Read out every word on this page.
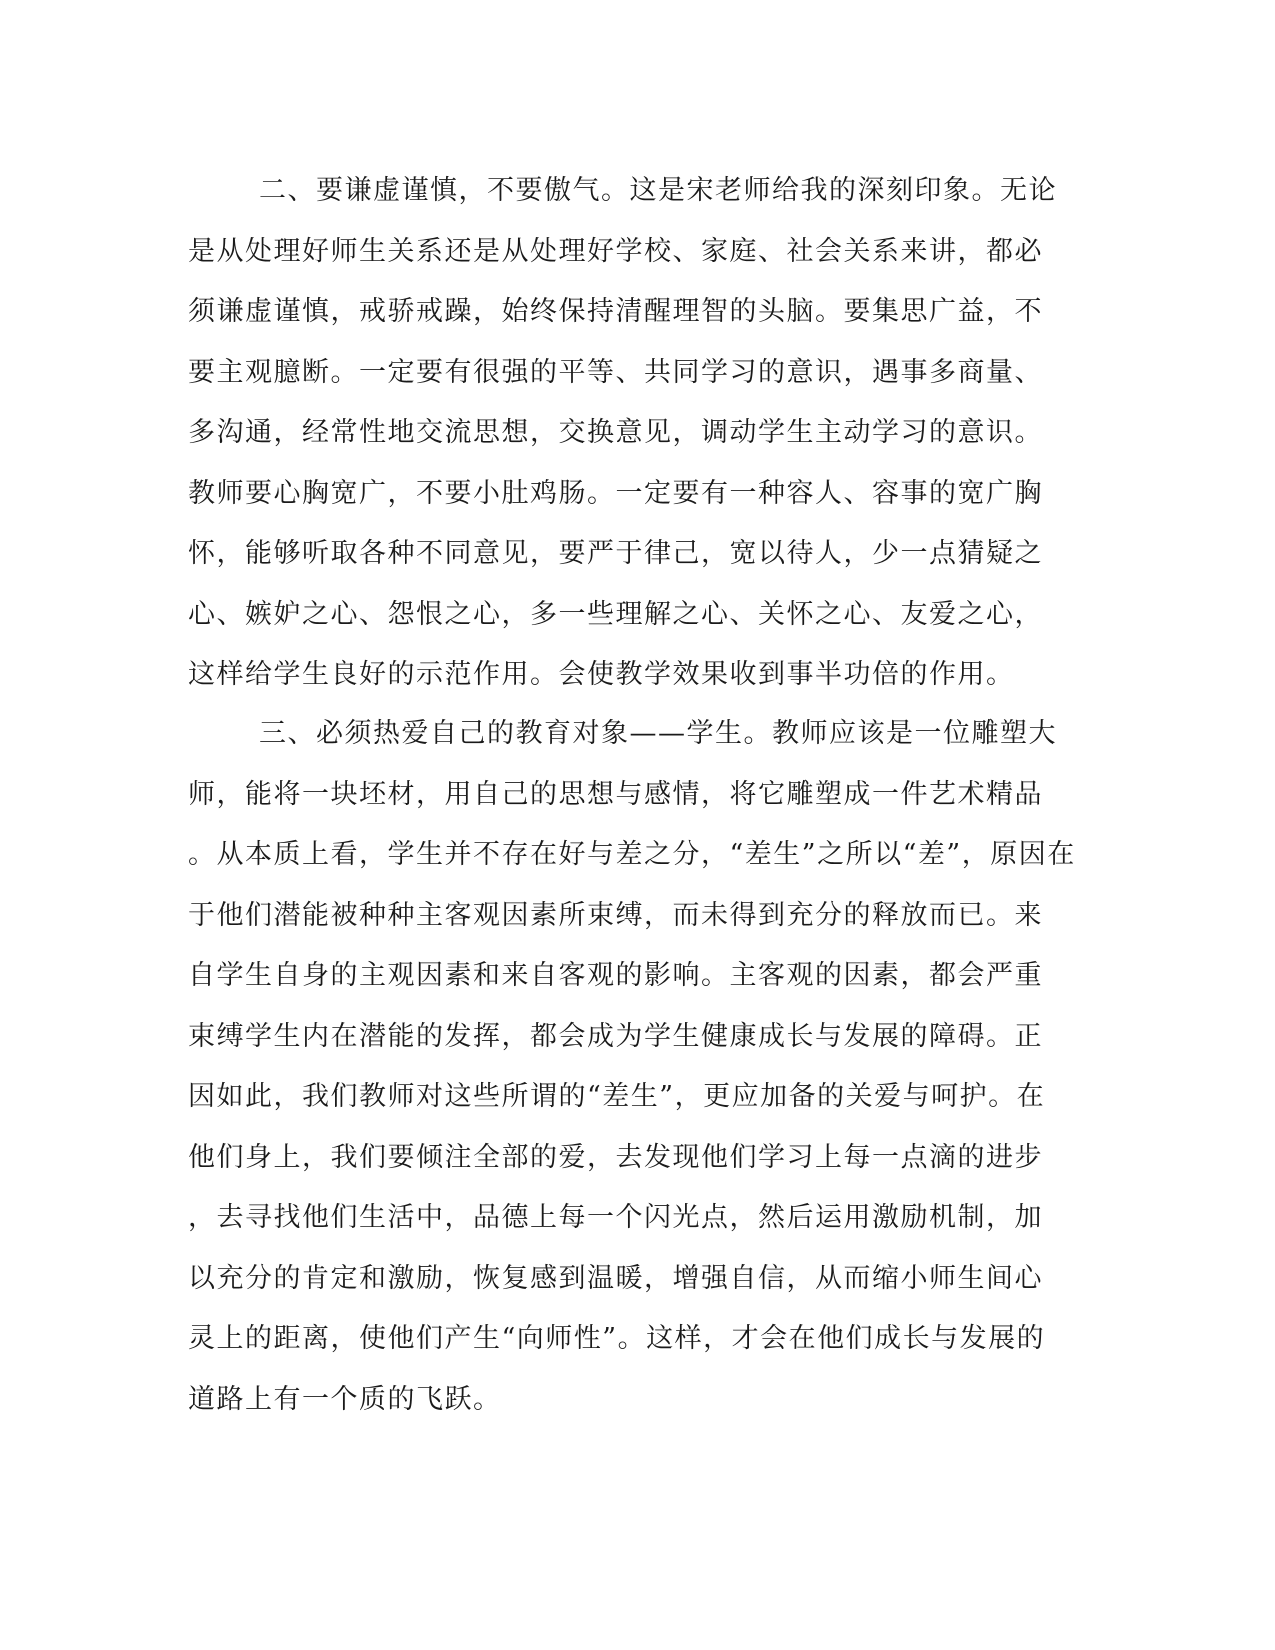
二、要谦虚谨慎，不要傲气。这是宋老师给我的深刻印象。无论
是从处理好师生关系还是从处理好学校、家庭、社会关系来讲，都必
须谦虚谨慎，戒骄戒躁，始终保持清醒理智的头脑。要集思广益，不
要主观臆断。一定要有很强的平等、共同学习的意识，遇事多商量、
多沟通，经常性地交流思想，交换意见，调动学生主动学习的意识。
教师要心胸宽广，不要小肚鸡肠。一定要有一种容人、容事的宽广胸
怀，能够听取各种不同意见，要严于律己，宽以待人，少一点猜疑之
心、嫉妒之心、怨恨之心，多一些理解之心、关怀之心、友爱之心，
这样给学生良好的示范作用。会使教学效果收到事半功倍的作用。
三、必须热爱自己的教育对象——学生。教师应该是一位雕塑大
师，能将一块坯材，用自己的思想与感情，将它雕塑成一件艺术精品
。从本质上看，学生并不存在好与差之分，“差生”之所以“差”，原因在
于他们潜能被种种主客观因素所束缚，而未得到充分的释放而已。来
自学生自身的主观因素和来自客观的影响。主客观的因素，都会严重
束缚学生内在潜能的发挥，都会成为学生健康成长与发展的障碍。正
因如此，我们教师对这些所谓的“差生”，更应加备的关爱与呵护。在
他们身上，我们要倾注全部的爱，去发现他们学习上每一点滴的进步
，去寻找他们生活中，品德上每一个闪光点，然后运用激励机制，加
以充分的肯定和激励，恢复感到温暖，增强自信，从而缩小师生间心
灵上的距离，使他们产生“向师性”。这样，才会在他们成长与发展的
道路上有一个质的飞跃。
